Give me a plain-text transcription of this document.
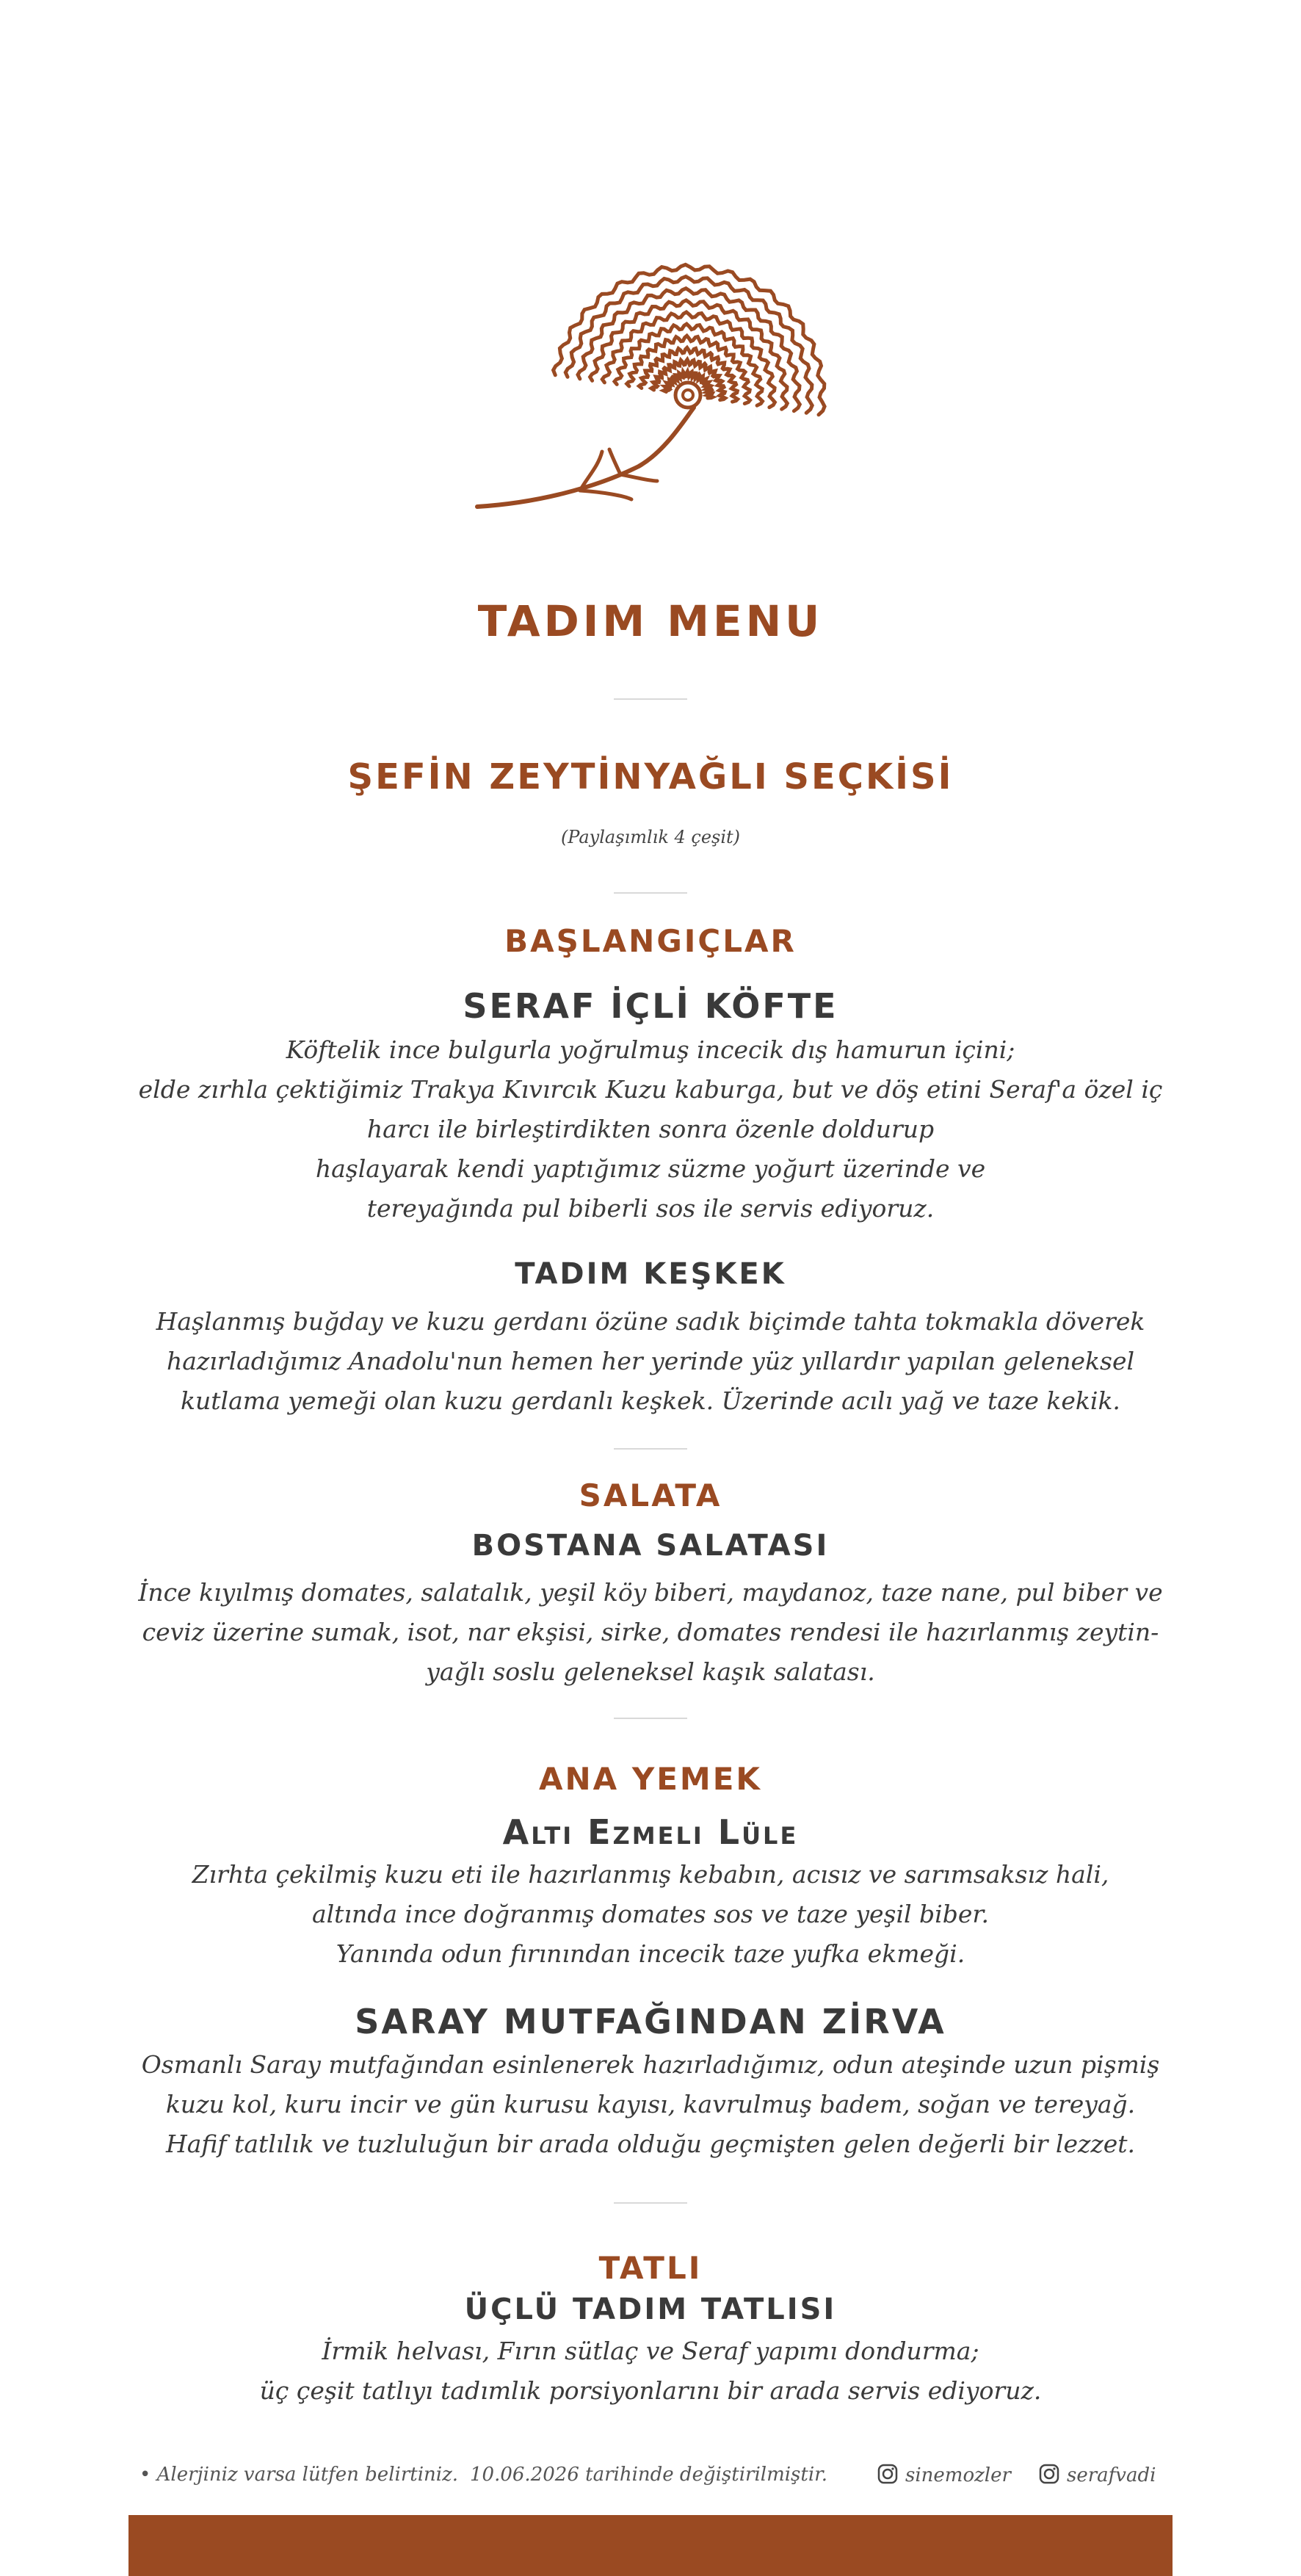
TADIM MENU
ŞEFİN ZEYTİNYAĞLI SEÇKİSİ
(Paylaşımlık 4 çeşit)
BAŞLANGIÇLAR
SERAF İÇLİ KÖFTE
Köftelik ince bulgurla yoğrulmuş incecik dış hamurun içini;
elde zırhla çektiğimiz Trakya Kıvırcık Kuzu kaburga, but ve döş etini Seraf'a özel iç
harcı ile birleştirdikten sonra özenle doldurup
haşlayarak kendi yaptığımız süzme yoğurt üzerinde ve
tereyağında pul biberli sos ile servis ediyoruz.
TADIM KEŞKEK
Haşlanmış buğday ve kuzu gerdanı özüne sadık biçimde tahta tokmakla döverek
hazırladığımız Anadolu'nun hemen her yerinde yüz yıllardır yapılan geleneksel
kutlama yemeği olan kuzu gerdanlı keşkek. Üzerinde acılı yağ ve taze kekik.
SALATA
BOSTANA SALATASI
İnce kıyılmış domates, salatalık, yeşil köy biberi, maydanoz, taze nane, pul biber ve
ceviz üzerine sumak, isot, nar ekşisi, sirke, domates rendesi ile hazırlanmış zeytin-
yağlı soslu geleneksel kaşık salatası.
ANA YEMEK
Altı Ezmeli Lüle
Zırhta çekilmiş kuzu eti ile hazırlanmış kebabın, acısız ve sarımsaksız hali,
altında ince doğranmış domates sos ve taze yeşil biber.
Yanında odun fırınından incecik taze yufka ekmeği.
SARAY MUTFAĞINDAN ZİRVA
Osmanlı Saray mutfağından esinlenerek hazırladığımız, odun ateşinde uzun pişmiş
kuzu kol, kuru incir ve gün kurusu kayısı, kavrulmuş badem, soğan ve tereyağ.
Hafif tatlılık ve tuzluluğun bir arada olduğu geçmişten gelen değerli bir lezzet.
TATLI
ÜÇLÜ TADIM TATLISI
İrmik helvası, Fırın sütlaç ve Seraf yapımı dondurma;
üç çeşit tatlıyı tadımlık porsiyonlarını bir arada servis ediyoruz.
• Alerjiniz varsa lütfen belirtiniz. 10.06.2026 tarihinde değiştirilmiştir.	sinemozler	serafvadi
